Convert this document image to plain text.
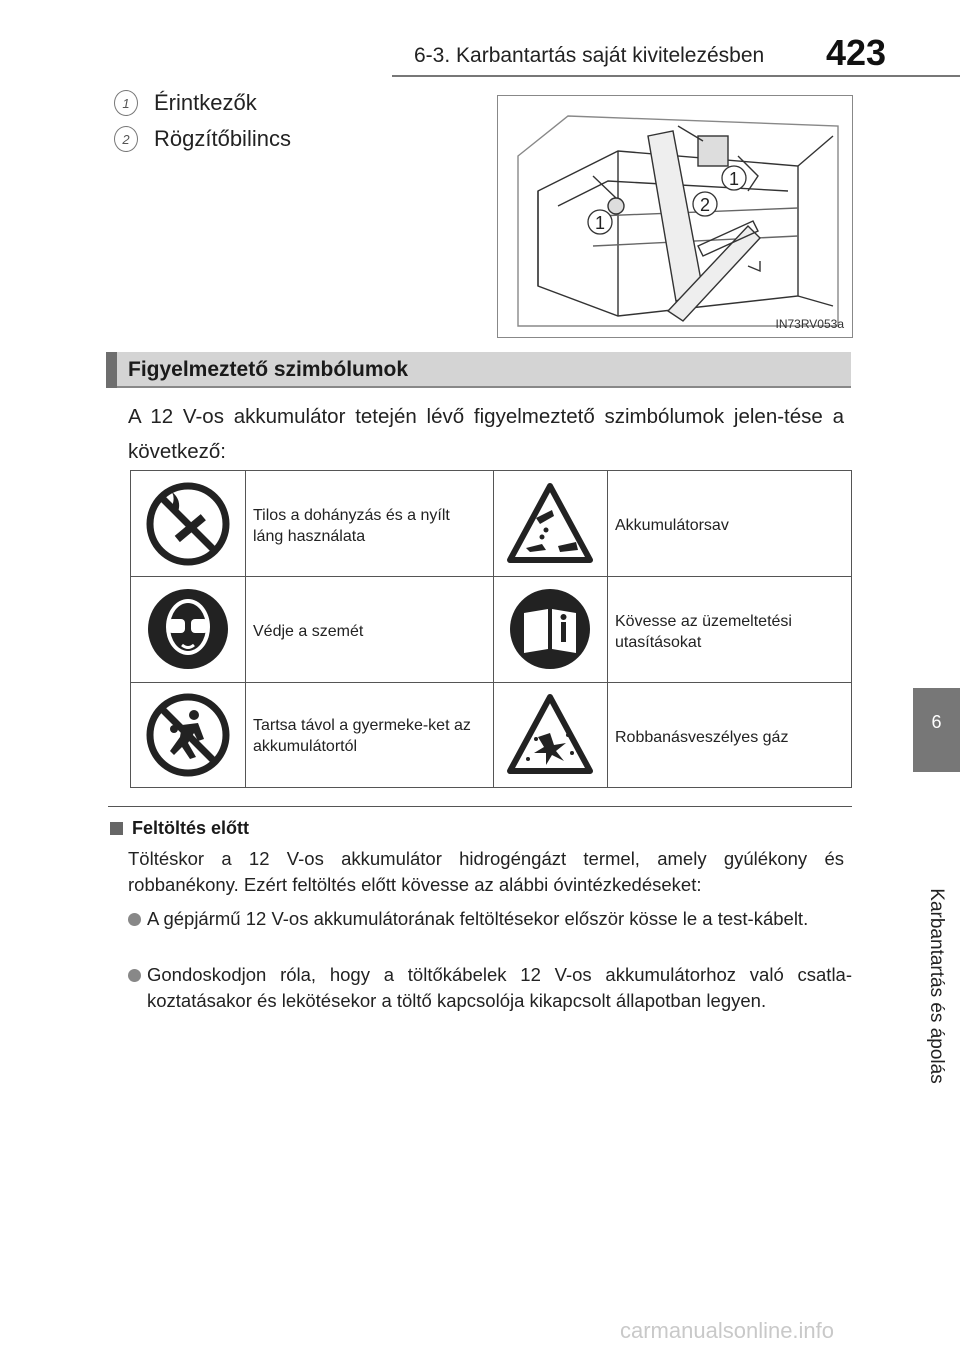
6-3. Karbantartás saját kivitelezésben 423
6
Karbantartás és ápolás
1	Érintkezők
2	Rögzítőbilincs
1
2
1
IN73RV053a
Figyelmeztető szimbólumok
A 12 V-os akkumulátor tetején lévő figyelmeztető szimbólumok jelen-tése a következő:
Tilos a dohányzás és a nyílt láng használata
Akkumulátorsav
Védje a szemét
Kövesse az üzemeltetési utasításokat
Tartsa távol a gyermeke-ket az akkumulátortól
Robbanásveszélyes gáz
Feltöltés előtt
Töltéskor a 12 V-os akkumulátor hidrogéngázt termel, amely gyúlékony és robbanékony. Ezért feltöltés előtt kövesse az alábbi óvintézkedéseket:
A gépjármű 12 V-os akkumulátorának feltöltésekor először kösse le a test-kábelt.
Gondoskodjon róla, hogy a töltőkábelek 12 V-os akkumulátorhoz való csatla-koztatásakor és lekötésekor a töltő kapcsolója kikapcsolt állapotban legyen.
carmanualsonline.info
